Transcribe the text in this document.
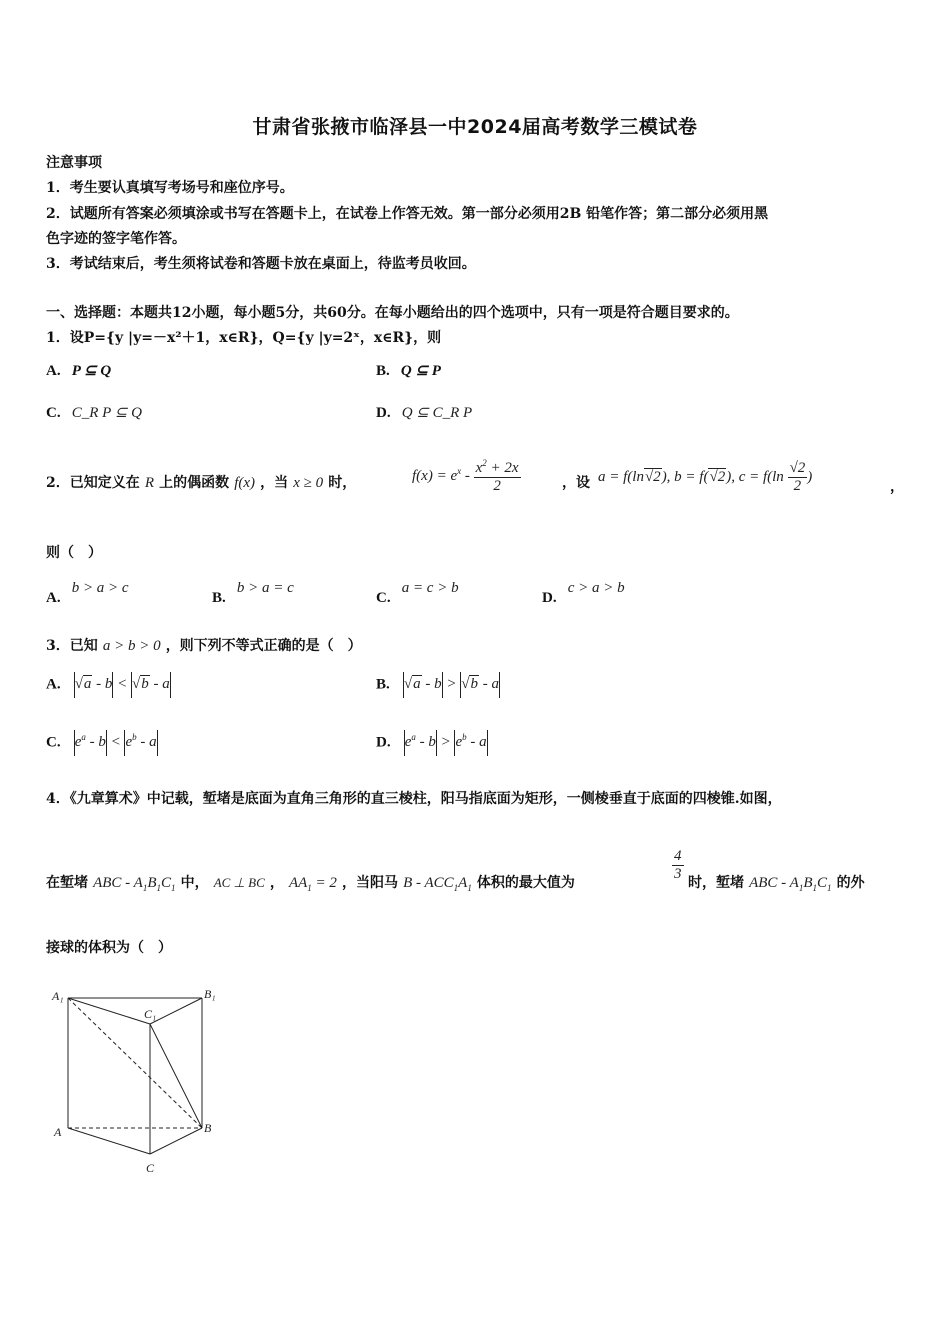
甘肃省张掖市临泽县一中2024届高考数学三模试卷
注意事项
1．考生要认真填写考场号和座位序号。
2．试题所有答案必须填涂或书写在答题卡上，在试卷上作答无效。第一部分必须用2B 铅笔作答；第二部分必须用黑
色字迹的签字笔作答。
3．考试结束后，考生须将试卷和答题卡放在桌面上，待监考员收回。
一、选择题：本题共12小题，每小题5分，共60分。在每小题给出的四个选项中，只有一项是符合题目要求的。
1．设P={y |y=－x²＋1，x∈R}，Q={y |y=2ˣ，x∈R}，则
A. P ⊆ Q	B. Q ⊆ P
C. C_R P ⊆ Q	D. Q ⊆ C_R P
2．已知定义在 R 上的偶函数 f(x) ，当 x ≥ 0 时，	$f(x) = e^x - \frac{x^2 + 2x}{2}$	，设 a = f(ln√2), b = f(√2), $c = f(\ln \frac{√2}{2}$ )
，
则（　）
A. b > a > c
B. b > a = c
C. a = c > b
D. c > a > b
3．已知 a > b > 0 ，则下列不等式正确的是（　）
A. √a - b < √b - a	B. √a - b > √b - a
C. $e^a - b < e^b - a$	D. $e^a - b > e^b - a$
4．《九章算术》中记载，堑堵是底面为直角三角形的直三棱柱，阳马指底面为矩形，一侧棱垂直于底面的四棱锥.如图，
在堑堵 ABC - $A_1B_1C_1$ 中， AC ⊥ BC ， $AA_1 = 2$ ，当阳马 B - $ACC_1A_1$ 体积的最大值为	$\frac{4}{3}$ 时，堑堵 ABC - $A_1B_1C_1$ 的外
接球的体积为（　）
A₁	B₁
C₁
A	B
C
